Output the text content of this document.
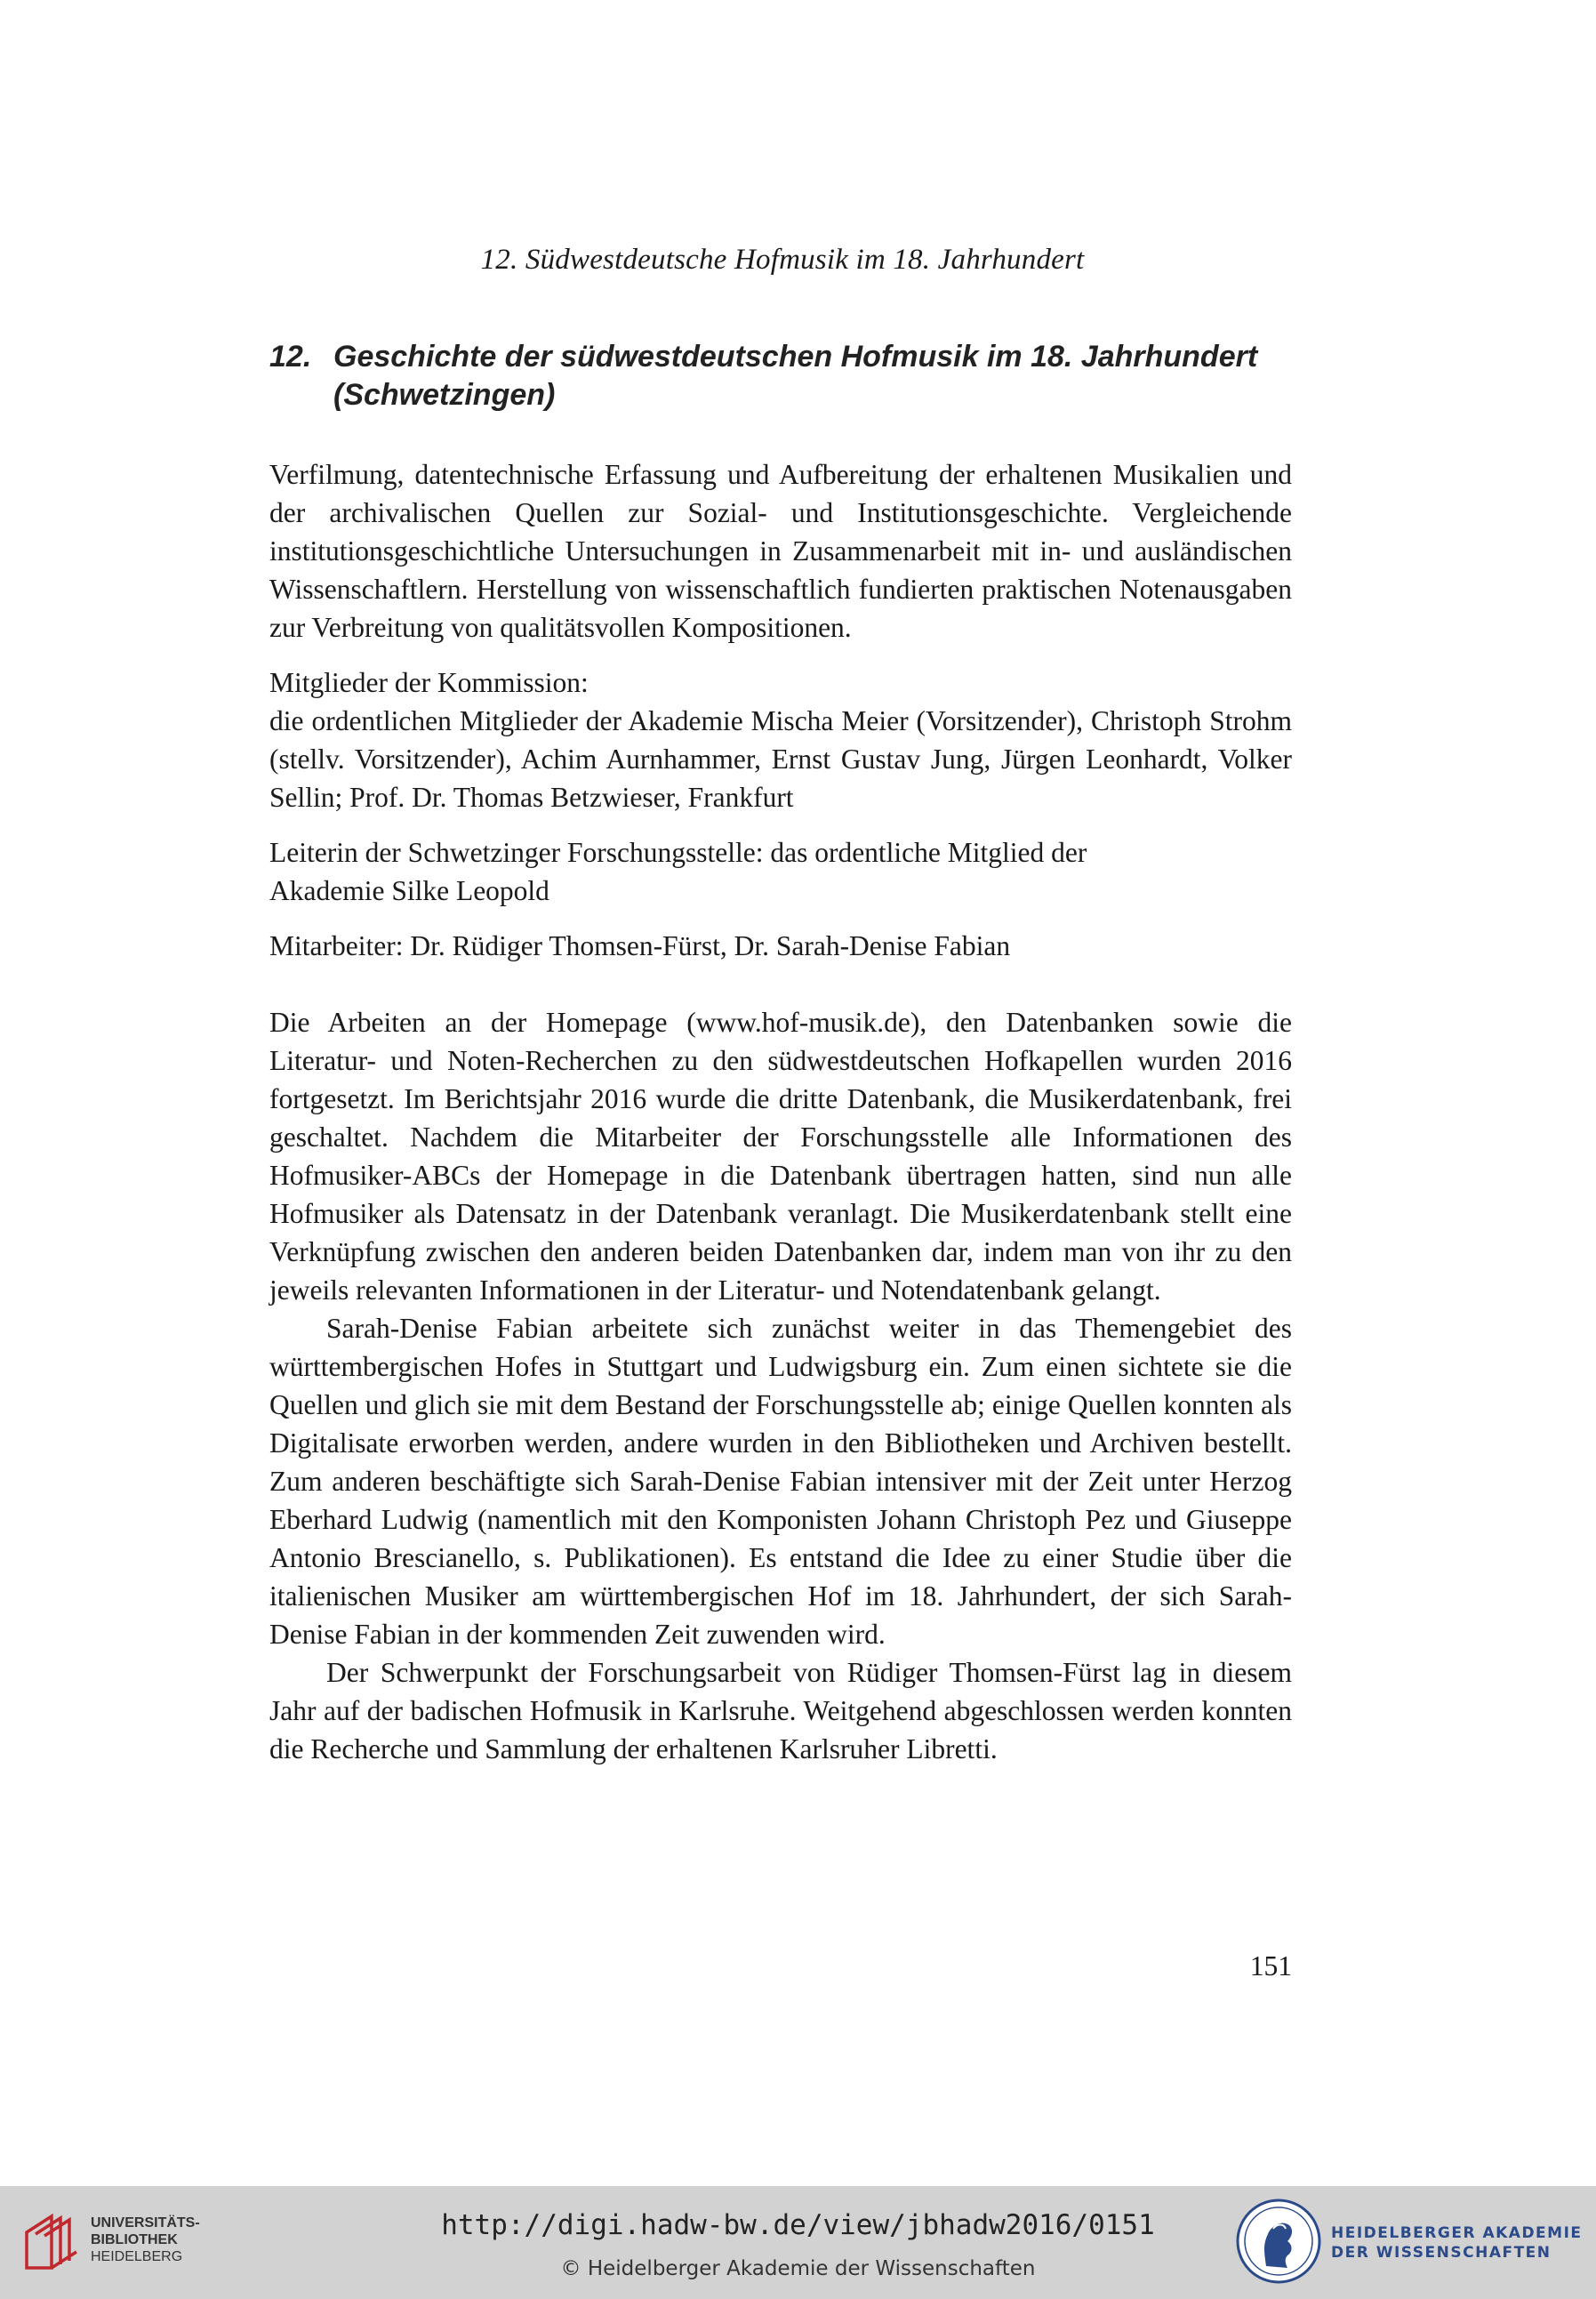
12. Südwestdeutsche Hofmusik im 18. Jahrhundert
12. Geschichte der südwestdeutschen Hofmusik im 18. Jahrhundert
(Schwetzingen)

Verfilmung, datentechnische Erfassung und Aufbereitung der erhaltenen Musikalien und der archivalischen Quellen zur Sozial- und Institutionsgeschichte. Vergleichende institutionsgeschichtliche Untersuchungen in Zusammenarbeit mit in- und ausländischen Wissenschaftlern. Herstellung von wissenschaftlich fundierten praktischen Notenausgaben zur Verbreitung von qualitätsvollen Kompositionen.

Mitglieder der Kommission:

die ordentlichen Mitglieder der Akademie Mischa Meier (Vorsitzender), Christoph Strohm (stellv. Vorsitzender), Achim Aurnhammer, Ernst Gustav Jung, Jürgen Leonhardt, Volker Sellin; Prof. Dr. Thomas Betzwieser, Frankfurt

Leiterin der Schwetzinger Forschungsstelle: das ordentliche Mitglied der
Akademie Silke Leopold

Mitarbeiter: Dr. Rüdiger Thomsen-Fürst, Dr. Sarah-Denise Fabian

Die Arbeiten an der Homepage (www.hof-musik.de), den Datenbanken sowie die Literatur- und Noten-Recherchen zu den südwestdeutschen Hofkapellen wurden 2016 fortgesetzt. Im Berichtsjahr 2016 wurde die dritte Datenbank, die Musikerdatenbank, frei geschaltet. Nachdem die Mitarbeiter der Forschungsstelle alle Informationen des Hofmusiker-ABCs der Homepage in die Datenbank übertragen hatten, sind nun alle Hofmusiker als Datensatz in der Datenbank veranlagt. Die Musikerdatenbank stellt eine Verknüpfung zwischen den anderen beiden Datenbanken dar, indem man von ihr zu den jeweils relevanten Informationen in der Literatur- und Notendatenbank gelangt.

Sarah-Denise Fabian arbeitete sich zunächst weiter in das Themengebiet des württembergischen Hofes in Stuttgart und Ludwigsburg ein. Zum einen sichtete sie die Quellen und glich sie mit dem Bestand der Forschungsstelle ab; einige Quellen konnten als Digitalisate erworben werden, andere wurden in den Bibliotheken und Archiven bestellt. Zum anderen beschäftigte sich Sarah-Denise Fabian intensiver mit der Zeit unter Herzog Eberhard Ludwig (namentlich mit den Komponisten Johann Christoph Pez und Giuseppe Antonio Brescianello, s. Publikationen). Es entstand die Idee zu einer Studie über die italienischen Musiker am württembergischen Hof im 18. Jahrhundert, der sich Sarah-Denise Fabian in der kommenden Zeit zuwenden wird.

Der Schwerpunkt der Forschungsarbeit von Rüdiger Thomsen-Fürst lag in diesem Jahr auf der badischen Hofmusik in Karlsruhe. Weitgehend abgeschlossen werden konnten die Recherche und Sammlung der erhaltenen Karlsruher Libretti.

151
UNIVERSITÄTS-
BIBLIOTHEK
HEIDELBERG
http://digi.hadw-bw.de/view/jbhadw2016/0151
© Heidelberger Akademie der Wissenschaften
HEIDELBERGER AKADEMIE
DER WISSENSCHAFTEN
